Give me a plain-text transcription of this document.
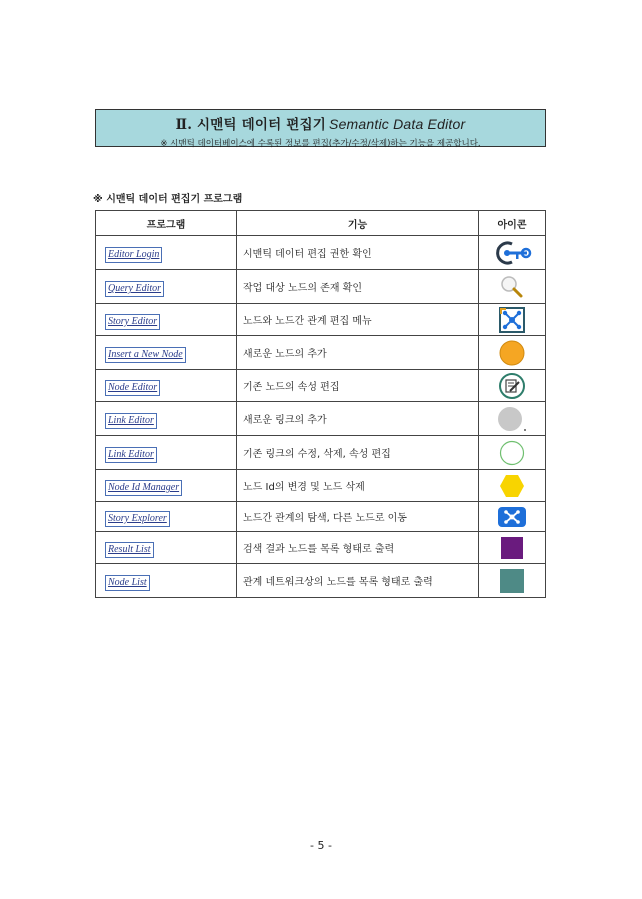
Ⅱ. 시맨틱 데이터 편집기 Semantic Data Editor
※ 시맨틱 데이터베이스에 수록된 정보를 편집(추가/수정/삭제)하는 기능을 제공합니다.
※ 시맨틱 데이터 편집기 프로그램
프로그램	기능	아이콘
Editor Login	시맨틱 데이터 편집 권한 확인	

Query Editor	작업 대상 노드의 존재 확인	

Story Editor	노드와 노드간 관계 편집 메뉴	

Insert a New Node	새로운 노드의 추가	

Node Editor	기존 노드의 속성 편집	

Link Editor	새로운 링크의 추가	

Link Editor	기존 링크의 수정, 삭제, 속성 편집	

Node Id Manager	노드 Id의 변경 및 노드 삭제	

Story Explorer	노드간 관계의 탐색, 다른 노드로 이동	

Result List	검색 결과 노드를 목록 형태로 출력	

Node List	관계 네트워크상의 노드를 목록 형태로 출력	
- 5 -
